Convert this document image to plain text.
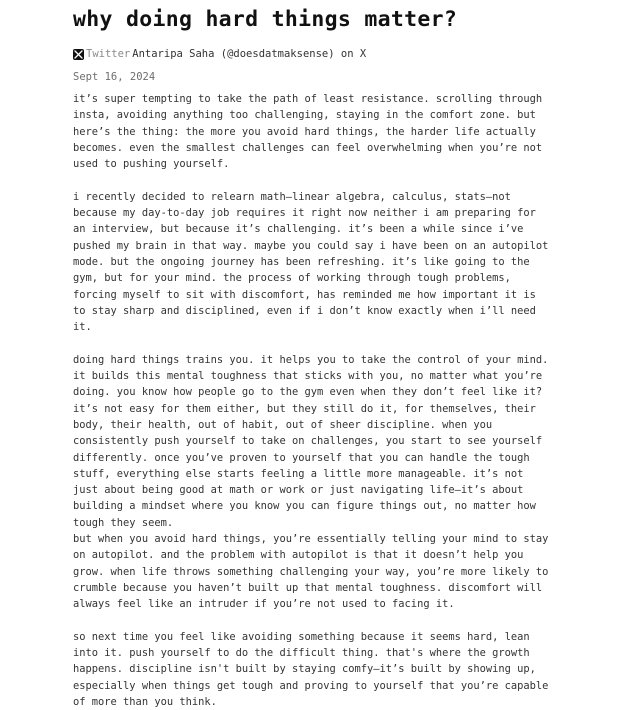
why doing hard things matter?
Twitter Antaripa Saha (@doesdatmaksense) on X
Sept 16, 2024
it’s super tempting to take the path of least resistance. scrolling through
insta, avoiding anything too challenging, staying in the comfort zone. but
here’s the thing: the more you avoid hard things, the harder life actually
becomes. even the smallest challenges can feel overwhelming when you’re not
used to pushing yourself.
i recently decided to relearn math—linear algebra, calculus, stats—not
because my day-to-day job requires it right now neither i am preparing for
an interview, but because it’s challenging. it’s been a while since i’ve
pushed my brain in that way. maybe you could say i have been on an autopilot
mode. but the ongoing journey has been refreshing. it’s like going to the
gym, but for your mind. the process of working through tough problems,
forcing myself to sit with discomfort, has reminded me how important it is
to stay sharp and disciplined, even if i don’t know exactly when i’ll need
it.
doing hard things trains you. it helps you to take the control of your mind.
it builds this mental toughness that sticks with you, no matter what you’re
doing. you know how people go to the gym even when they don’t feel like it?
it’s not easy for them either, but they still do it, for themselves, their
body, their health, out of habit, out of sheer discipline. when you
consistently push yourself to take on challenges, you start to see yourself
differently. once you’ve proven to yourself that you can handle the tough
stuff, everything else starts feeling a little more manageable. it’s not
just about being good at math or work or just navigating life—it’s about
building a mindset where you know you can figure things out, no matter how
tough they seem.
but when you avoid hard things, you’re essentially telling your mind to stay
on autopilot. and the problem with autopilot is that it doesn’t help you
grow. when life throws something challenging your way, you’re more likely to
crumble because you haven’t built up that mental toughness. discomfort will
always feel like an intruder if you’re not used to facing it.
so next time you feel like avoiding something because it seems hard, lean
into it. push yourself to do the difficult thing. that's where the growth
happens. discipline isn't built by staying comfy—it’s built by showing up,
especially when things get tough and proving to yourself that you’re capable
of more than you think.
